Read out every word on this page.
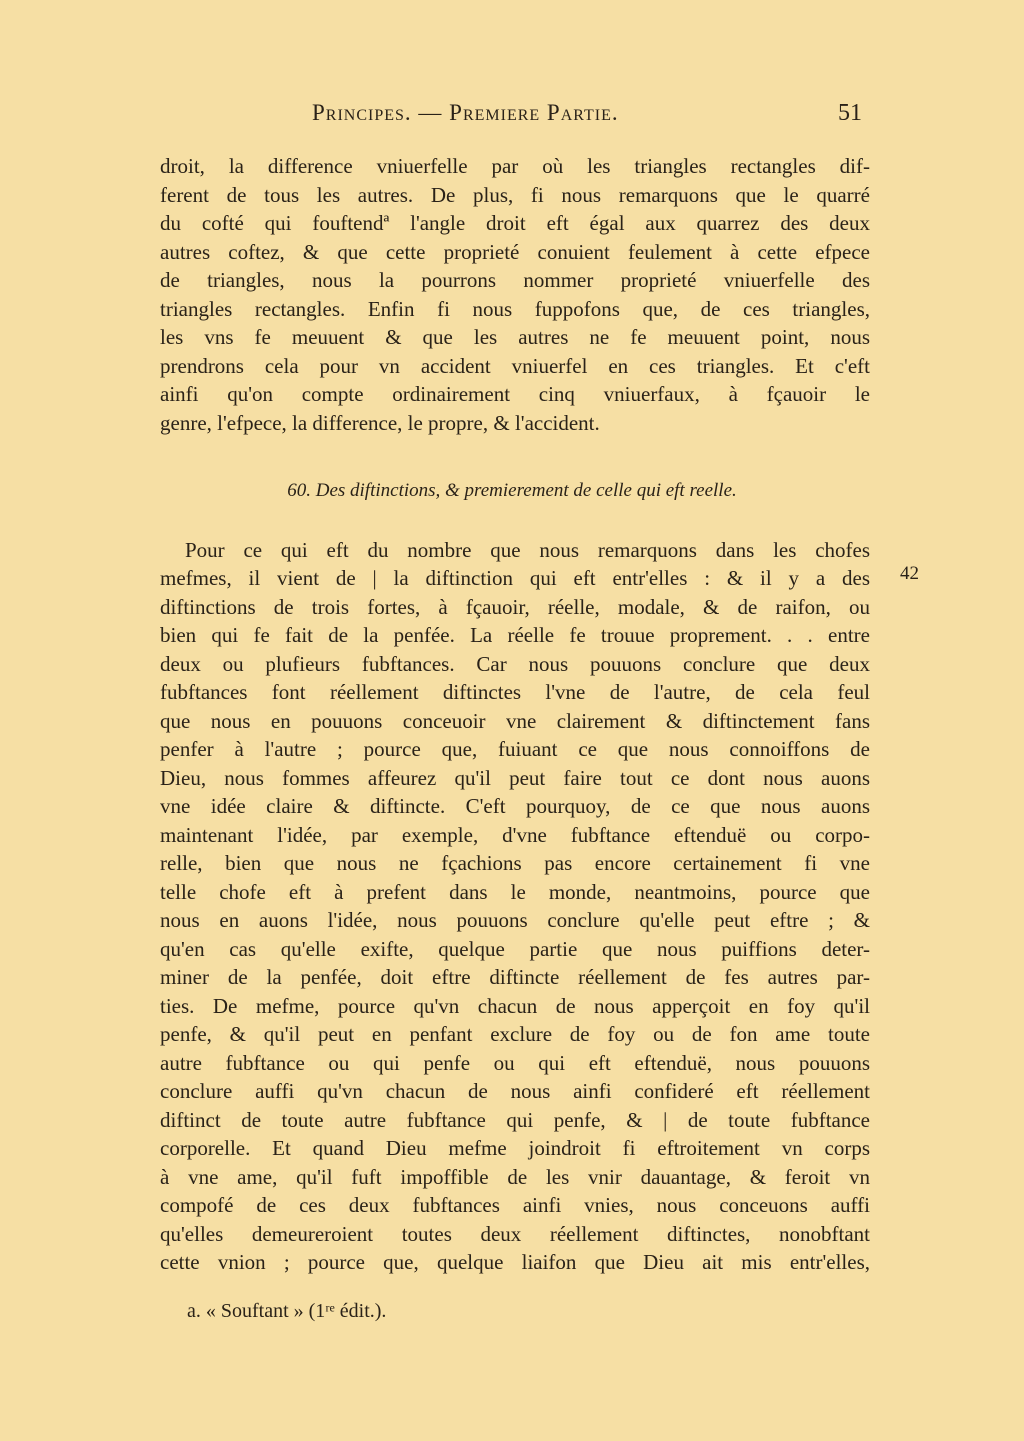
Principes. — Premiere Partie.	51
droit, la difference vniuerfelle par où les triangles rectangles dif-
ferent de tous les autres. De plus, fi nous remarquons que le quarré
du cofté qui fouftendª l'angle droit eft égal aux quarrez des deux
autres coftez, & que cette proprieté conuient feulement à cette efpece
de triangles, nous la pourrons nommer proprieté vniuerfelle des
triangles rectangles. Enfin fi nous fuppofons que, de ces triangles,
les vns fe meuuent & que les autres ne fe meuuent point, nous
prendrons cela pour vn accident vniuerfel en ces triangles. Et c'eft
ainfi qu'on compte ordinairement cinq vniuerfaux, à fçauoir le
genre, l'efpece, la difference, le propre, & l'accident.
60. Des diftinctions, & premierement de celle qui eft reelle.
42
Pour ce qui eft du nombre que nous remarquons dans les chofes
mefmes, il vient de | la diftinction qui eft entr'elles : & il y a des
diftinctions de trois fortes, à fçauoir, réelle, modale, & de raifon, ou
bien qui fe fait de la penfée. La réelle fe trouue proprement. . . entre
deux ou plufieurs fubftances. Car nous pouuons conclure que deux
fubftances font réellement diftinctes l'vne de l'autre, de cela feul
que nous en pouuons conceuoir vne clairement & diftinctement fans
penfer à l'autre ; pource que, fuiuant ce que nous connoiffons de
Dieu, nous fommes affeurez qu'il peut faire tout ce dont nous auons
vne idée claire & diftincte. C'eft pourquoy, de ce que nous auons
maintenant l'idée, par exemple, d'vne fubftance eftenduë ou corpo-
relle, bien que nous ne fçachions pas encore certainement fi vne
telle chofe eft à prefent dans le monde, neantmoins, pource que
nous en auons l'idée, nous pouuons conclure qu'elle peut eftre ; &
qu'en cas qu'elle exifte, quelque partie que nous puiffions deter-
miner de la penfée, doit eftre diftincte réellement de fes autres par-
ties. De mefme, pource qu'vn chacun de nous apperçoit en foy qu'il
penfe, & qu'il peut en penfant exclure de foy ou de fon ame toute
autre fubftance ou qui penfe ou qui eft eftenduë, nous pouuons
conclure auffi qu'vn chacun de nous ainfi confideré eft réellement
diftinct de toute autre fubftance qui penfe, & | de toute fubftance
corporelle. Et quand Dieu mefme joindroit fi eftroitement vn corps
à vne ame, qu'il fuft impoffible de les vnir dauantage, & feroit vn
compofé de ces deux fubftances ainfi vnies, nous conceuons auffi
qu'elles demeureroient toutes deux réellement diftinctes, nonobftant
cette vnion ; pource que, quelque liaifon que Dieu ait mis entr'elles,
a. « Souftant » (1ʳᵉ édit.).
